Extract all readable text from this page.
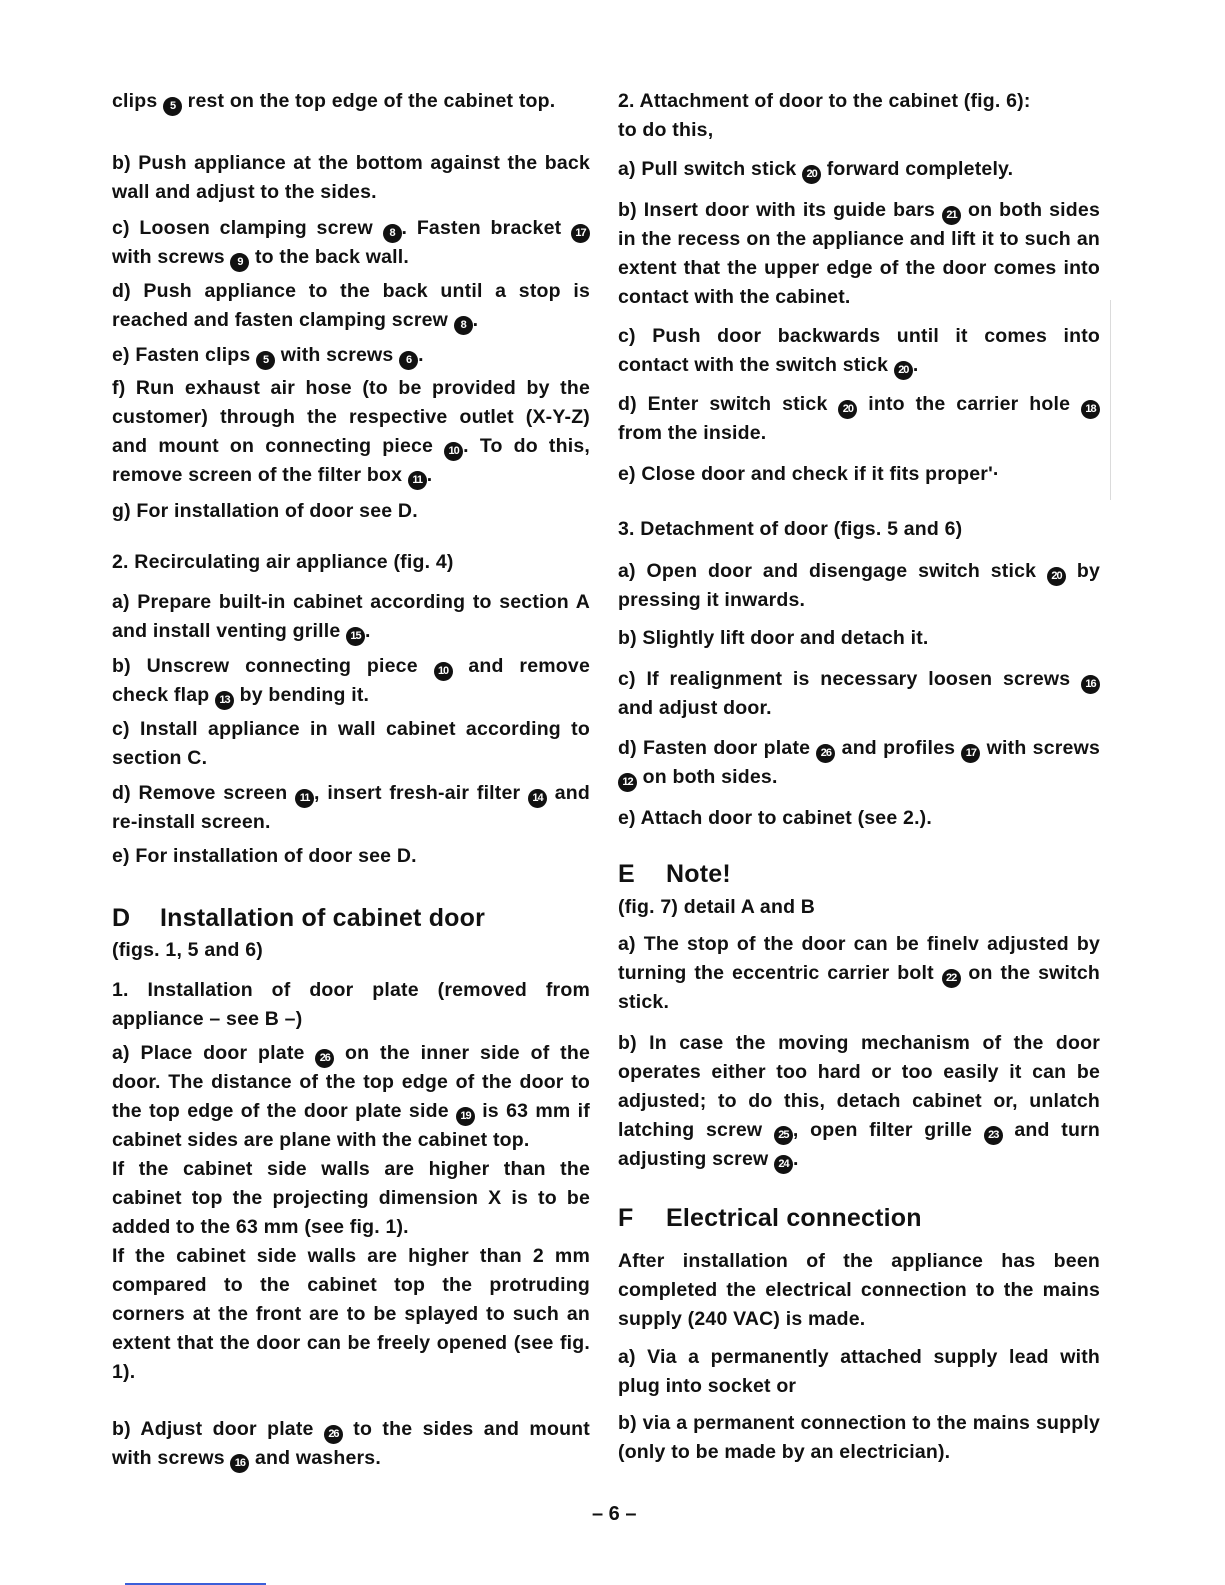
clips 5 rest on the top edge of the cabinet top.
b) Push appliance at the bottom against the back wall and adjust to the sides.
c) Loosen clamping screw 8 . Fasten bracket 17 with screws 9 to the back wall.
d) Push appliance to the back until a stop is reached and fasten clamping screw 8 .
e) Fasten clips 5 with screws 6 .
f) Run exhaust air hose (to be provided by the customer) through the respective outlet (X-Y-Z) and mount on connecting piece 10 . To do this, remove screen of the filter box 11 .
g) For installation of door see D.
2. Recirculating air appliance (fig. 4)
a) Prepare built-in cabinet according to section A and install venting grille 15 .
b) Unscrew connecting piece 10 and remove check flap 13 by bending it.
c) Install appliance in wall cabinet according to section C.
d) Remove screen 11 , insert fresh-air filter 14 and re-install screen.
e) For installation of door see D.
D Installation of cabinet door
(figs. 1, 5 and 6)
1. Installation of door plate (removed from appliance – see B –)
a) Place door plate 26 on the inner side of the door. The distance of the top edge of the door to the top edge of the door plate side 19 is 63 mm if cabinet sides are plane with the cabinet top.
If the cabinet side walls are higher than the cabinet top the projecting dimension X is to be added to the 63 mm (see fig. 1).
If the cabinet side walls are higher than 2 mm compared to the cabinet top the protruding corners at the front are to be splayed to such an extent that the door can be freely opened (see fig. 1).
b) Adjust door plate 26 to the sides and mount with screws 16 and washers.
2. Attachment of door to the cabinet (fig. 6):
to do this,
a) Pull switch stick 20 forward completely.
b) Insert door with its guide bars 21 on both sides in the recess on the appliance and lift it to such an extent that the upper edge of the door comes into contact with the cabinet.
c) Push door backwards until it comes into contact with the switch stick 20 .
d) Enter switch stick 20 into the carrier hole 18 from the inside.
e) Close door and check if it fits proper'·
3. Detachment of door (figs. 5 and 6)
a) Open door and disengage switch stick 20 by pressing it inwards.
b) Slightly lift door and detach it.
c) If realignment is necessary loosen screws 16 and adjust door.
d) Fasten door plate 26 and profiles 17 with screws 12 on both sides.
e) Attach door to cabinet (see 2.).
E Note!
(fig. 7) detail A and B
a) The stop of the door can be finelv adjusted by turning the eccentric carrier bolt 22 on the switch stick.
b) In case the moving mechanism of the door operates either too hard or too easily it can be adjusted; to do this, detach cabinet or, unlatch latching screw 25 , open filter grille 23 and turn adjusting screw 24 .
F Electrical connection
After installation of the appliance has been completed the electrical connection to the mains supply (240 VAC) is made.
a) Via a permanently attached supply lead with plug into socket or
b) via a permanent connection to the mains supply (only to be made by an electrician).
– 6 –
